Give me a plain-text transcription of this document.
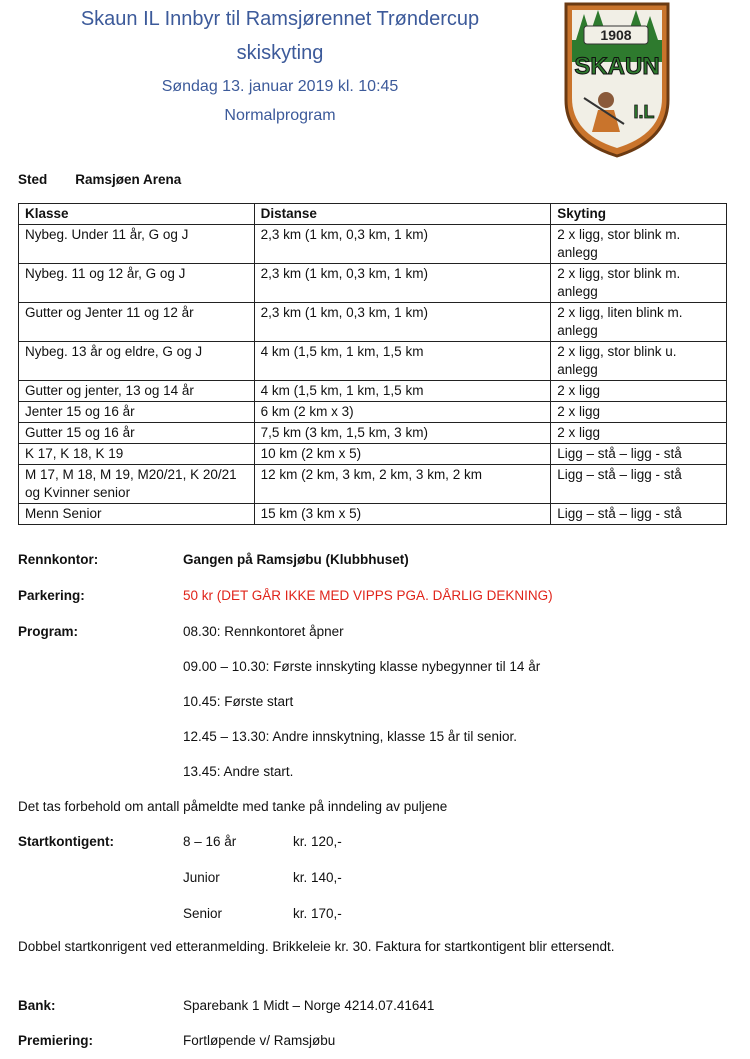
Skaun IL Innbyr til Ramsjørennet Trøndercup
skiskyting
Søndag 13. januar 2019 kl. 10:45
Normalprogram
1908
SKAUN
I.L
Sted Ramsjøen Arena
Klasse	Distanse	Skyting
Nybeg. Under 11 år, G og J	2,3 km (1 km, 0,3 km, 1 km)	2 x ligg, stor blink m. anlegg
Nybeg. 11 og 12 år, G og J	2,3 km (1 km, 0,3 km, 1 km)	2 x ligg, stor blink m. anlegg
Gutter og Jenter 11 og 12 år	2,3 km (1 km, 0,3 km, 1 km)	2 x ligg, liten blink m. anlegg
Nybeg. 13 år og eldre, G og J	4 km (1,5 km, 1 km, 1,5 km	2 x ligg, stor blink u. anlegg
Gutter og jenter, 13 og 14 år	4 km (1,5 km, 1 km, 1,5 km	2 x ligg
Jenter 15 og 16 år	6 km (2 km x 3)	2 x ligg
Gutter 15 og 16 år	7,5 km (3 km, 1,5 km, 3 km)	2 x ligg
K 17, K 18, K 19	10 km (2 km x 5)	Ligg – stå – ligg - stå
M 17, M 18, M 19, M20/21, K 20/21 og Kvinner senior	12 km (2 km, 3 km, 2 km, 3 km, 2 km	Ligg – stå – ligg - stå
Menn Senior	15 km (3 km x 5)	Ligg – stå – ligg - stå
Rennkontor:	Gangen på Ramsjøbu (Klubbhuset)
Parkering:	50 kr (DET GÅR IKKE MED VIPPS PGA. DÅRLIG DEKNING)
Program:	08.30: Rennkontoret åpner
09.00 – 10.30: Første innskyting klasse nybegynner til 14 år
10.45: Første start
12.45 – 13.30: Andre innskytning, klasse 15 år til senior.
13.45: Andre start.
Det tas forbehold om antall påmeldte med tanke på inndeling av puljene
Startkontigent:	8 – 16 år	kr. 120,-
Junior	kr. 140,-
Senior	kr. 170,-
Dobbel startkonrigent ved etteranmelding. Brikkeleie kr. 30. Faktura for startkontigent blir ettersendt.
Bank:	Sparebank 1 Midt – Norge 4214.07.41641
Premiering:	Fortløpende v/ Ramsjøbu
